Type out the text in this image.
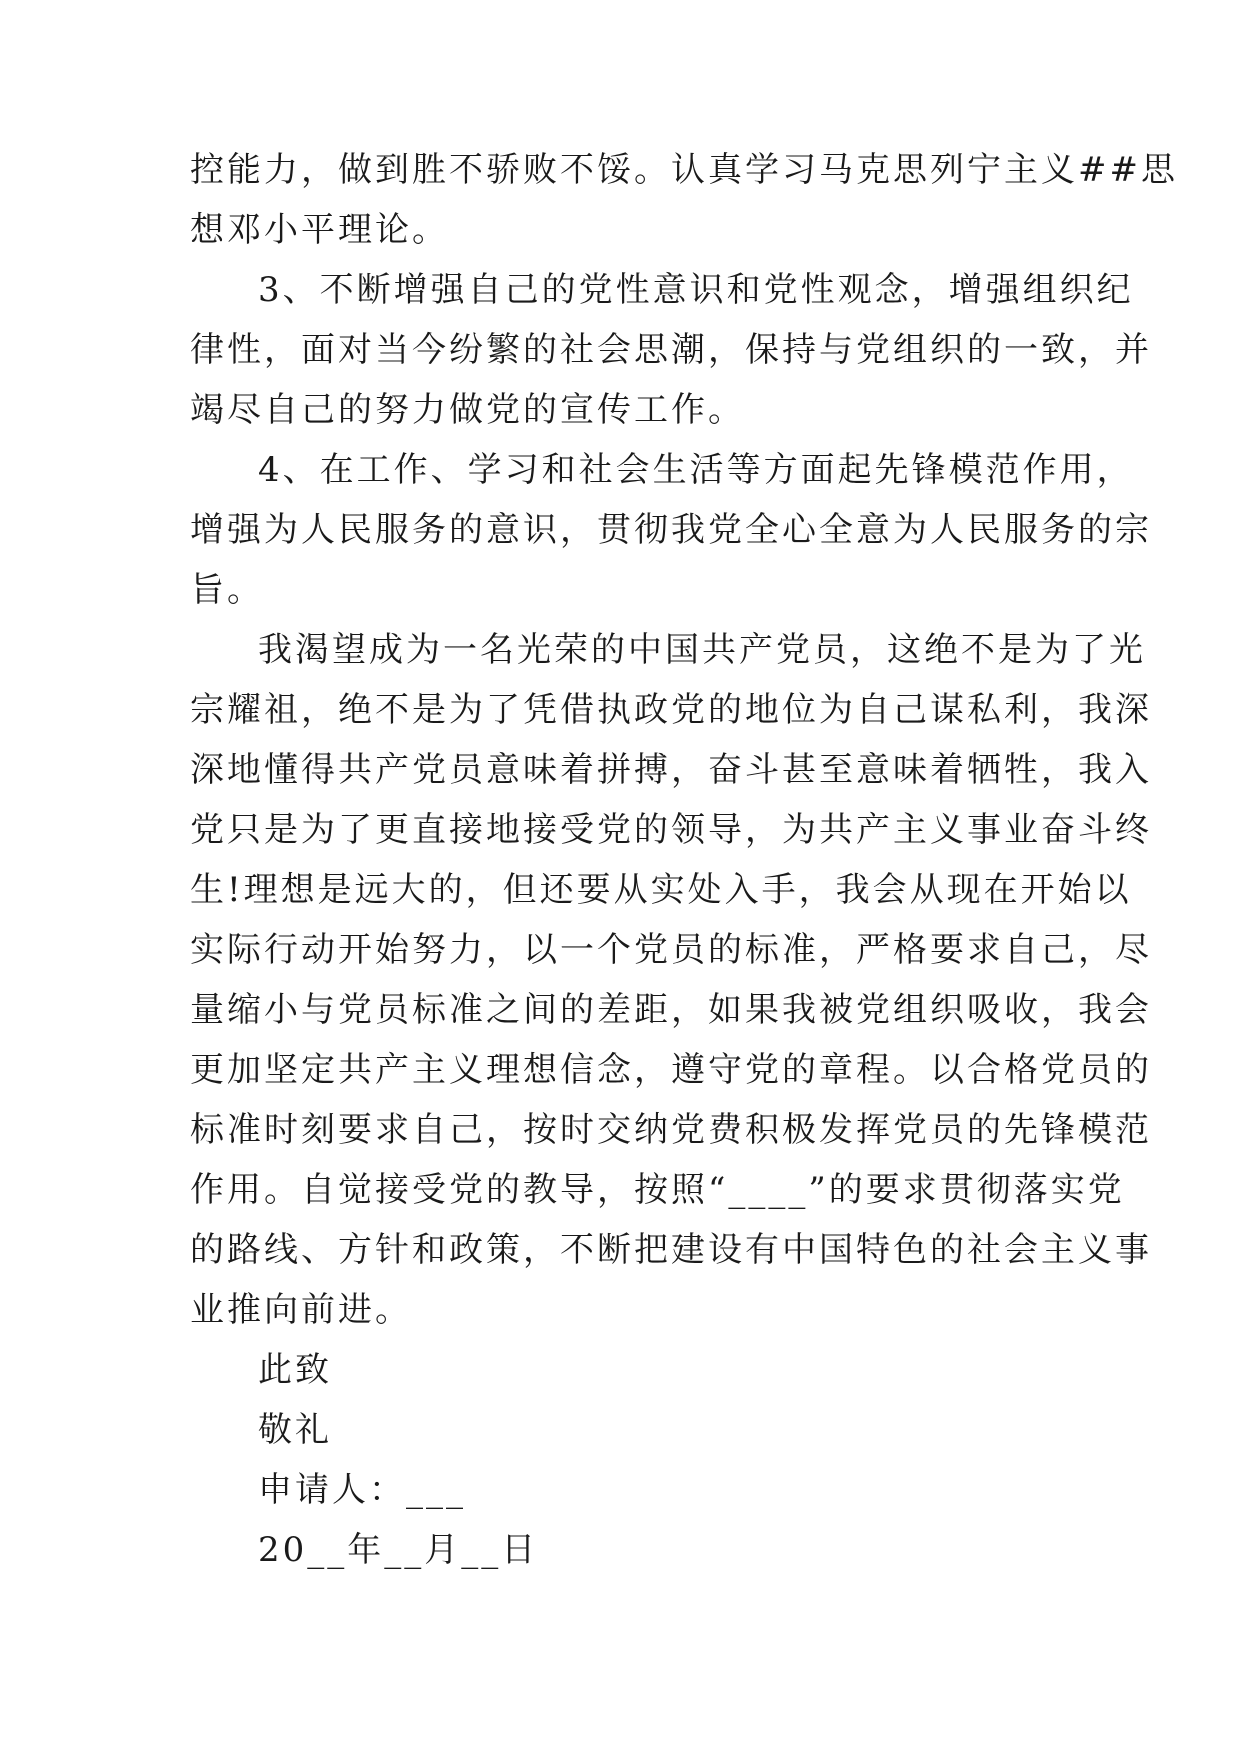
控能力，做到胜不骄败不馁。认真学习马克思列宁主义##思
想邓小平理论。
3、不断增强自己的党性意识和党性观念，增强组织纪
律性，面对当今纷繁的社会思潮，保持与党组织的一致，并
竭尽自己的努力做党的宣传工作。
4、在工作、学习和社会生活等方面起先锋模范作用，
增强为人民服务的意识，贯彻我党全心全意为人民服务的宗
旨。
我渴望成为一名光荣的中国共产党员，这绝不是为了光
宗耀祖，绝不是为了凭借执政党的地位为自己谋私利，我深
深地懂得共产党员意味着拼搏，奋斗甚至意味着牺牲，我入
党只是为了更直接地接受党的领导，为共产主义事业奋斗终
生!理想是远大的，但还要从实处入手，我会从现在开始以
实际行动开始努力，以一个党员的标准，严格要求自己，尽
量缩小与党员标准之间的差距，如果我被党组织吸收，我会
更加坚定共产主义理想信念，遵守党的章程。以合格党员的
标准时刻要求自己，按时交纳党费积极发挥党员的先锋模范
作用。自觉接受党的教导，按照“____”的要求贯彻落实党
的路线、方针和政策，不断把建设有中国特色的社会主义事
业推向前进。
此致
敬礼
申请人：___
20__年__月__日
